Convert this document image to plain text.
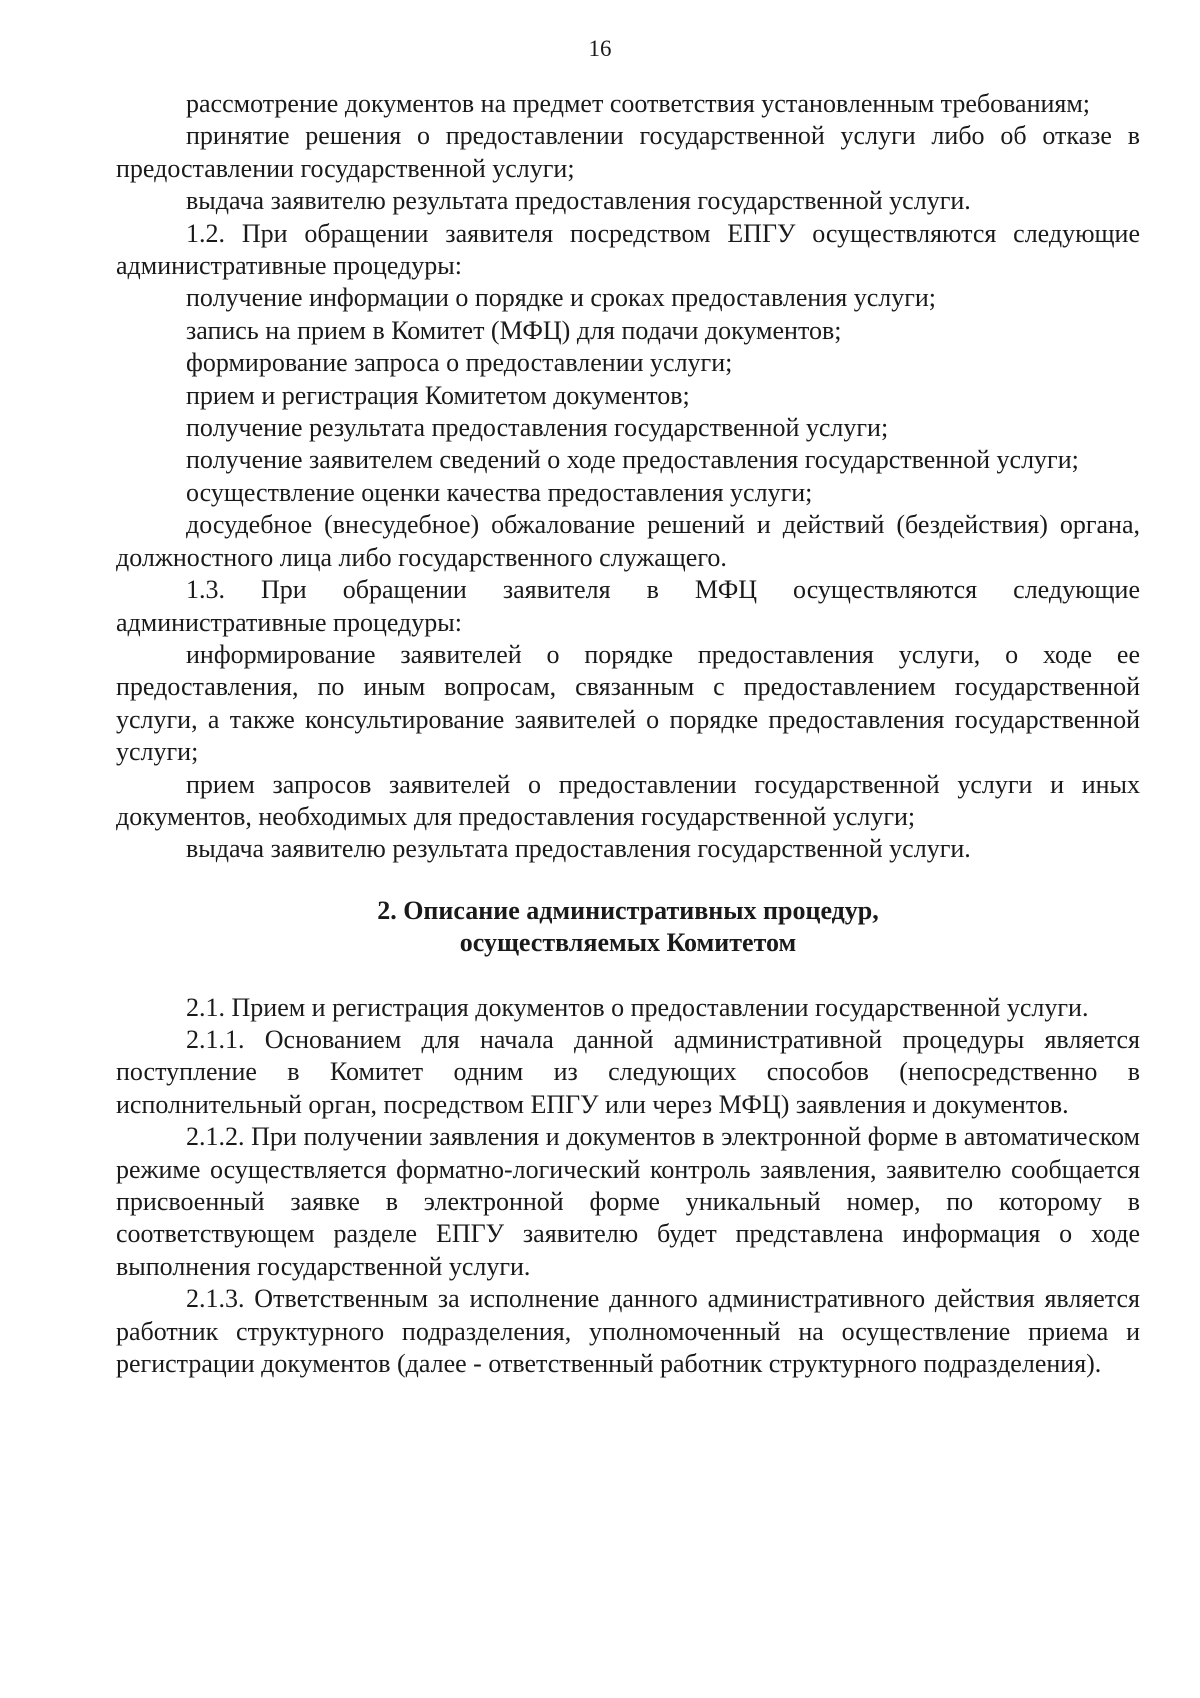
16

рассмотрение документов на предмет соответствия установленным требованиям;

принятие решения о предоставлении государственной услуги либо об отказе в предоставлении государственной услуги;

выдача заявителю результата предоставления государственной услуги.

1.2. При обращении заявителя посредством ЕПГУ осуществляются следующие административные процедуры:

получение информации о порядке и сроках предоставления услуги;

запись на прием в Комитет (МФЦ) для подачи документов;

формирование запроса о предоставлении услуги;

прием и регистрация Комитетом документов;

получение результата предоставления государственной услуги;

получение заявителем сведений о ходе предоставления государственной услуги;

осуществление оценки качества предоставления услуги;

досудебное (внесудебное) обжалование решений и действий (бездействия) органа, должностного лица либо государственного служащего.

1.3. При обращении заявителя в МФЦ осуществляются следующие административные процедуры:

информирование заявителей о порядке предоставления услуги, о ходе ее предоставления, по иным вопросам, связанным с предоставлением государственной услуги, а также консультирование заявителей о порядке предоставления государственной услуги;

прием запросов заявителей о предоставлении государственной услуги и иных документов, необходимых для предоставления государственной услуги;

выдача заявителю результата предоставления государственной услуги.

2. Описание административных процедур,
осуществляемых Комитетом

2.1. Прием и регистрация документов о предоставлении государственной услуги.

2.1.1. Основанием для начала данной административной процедуры является поступление в Комитет одним из следующих способов (непосредственно в исполнительный орган, посредством ЕПГУ или через МФЦ) заявления и документов.

2.1.2. При получении заявления и документов в электронной форме в автоматическом режиме осуществляется форматно-логический контроль заявления, заявителю сообщается присвоенный заявке в электронной форме уникальный номер, по которому в соответствующем разделе ЕПГУ заявителю будет представлена информация о ходе выполнения государственной услуги.

2.1.3. Ответственным за исполнение данного административного действия является работник структурного подразделения, уполномоченный на осуществление приема и регистрации документов (далее - ответственный работник структурного подразделения).
